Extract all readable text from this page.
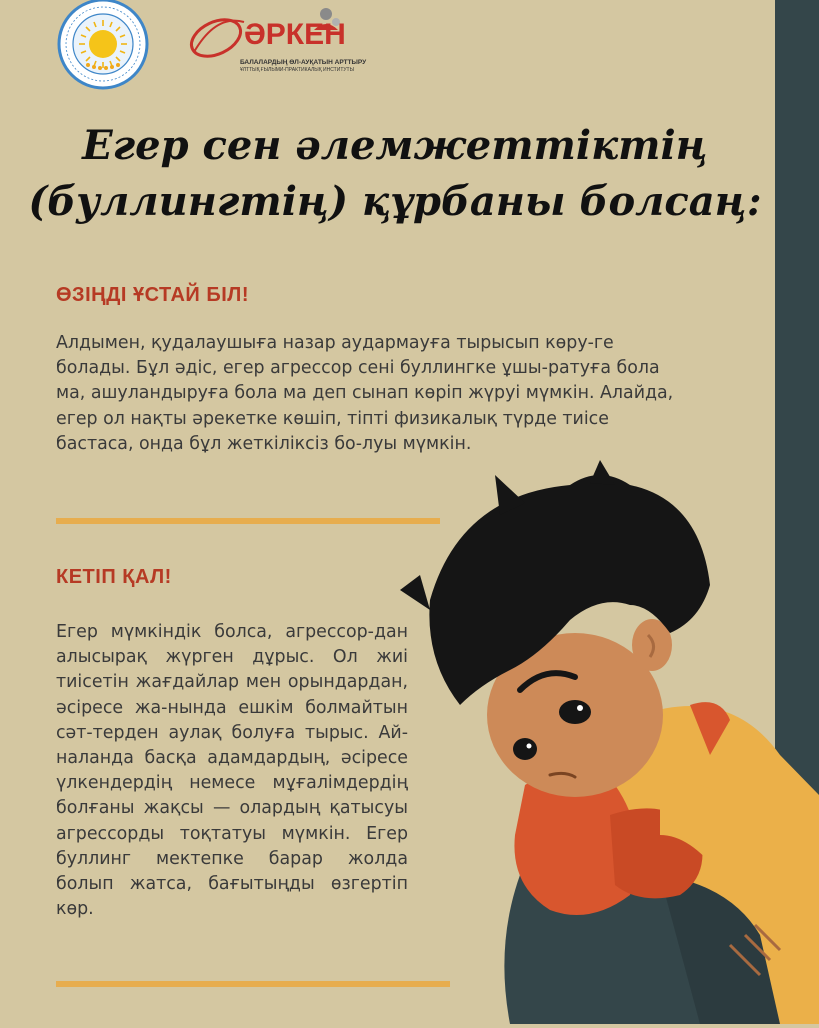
ӘРКЕН
БАЛАЛАРДЫҢ ӨЛ-АУҚАТЫН АРТТЫРУ
ҰЛТТЫҚ ҒЫЛЫМИ-ПРАКТИКАЛЫҚ ИНСТИТУТЫ
Егер сен әлемжеттіктің
(буллингтің) құрбаны болсаң:
ӨЗІҢДІ ҰСТАЙ БІЛ!

Алдымен, қудалаушыға назар аудармауға тырысып көру-ге болады. Бұл әдіс, егер агрессор сені буллингке ұшы-ратуға бола ма, ашуландыруға бола ма деп сынап көріп жүруі мүмкін. Алайда, егер ол нақты әрекетке көшіп, тіпті физикалық түрде тиісе бастаса, онда бұл жеткіліксіз бо-луы мүмкін.

КЕТІП ҚАЛ!

Егер мүмкіндік болса, агрессор-дан алысырақ жүрген дұрыс. Ол жиі тиісетін жағдайлар мен орындардан, әсіресе жа-нында ешкім болмайтын сәт-терден аулақ болуға тырыс. Ай-наланда басқа адамдардың, әсіресе үлкендердің немесе мұғалімдердің болғаны жақсы — олардың қатысуы агрессорды тоқтатуы мүмкін. Егер буллинг мектепке барар жолда болып жатса, бағытыңды өзгертіп көр.
